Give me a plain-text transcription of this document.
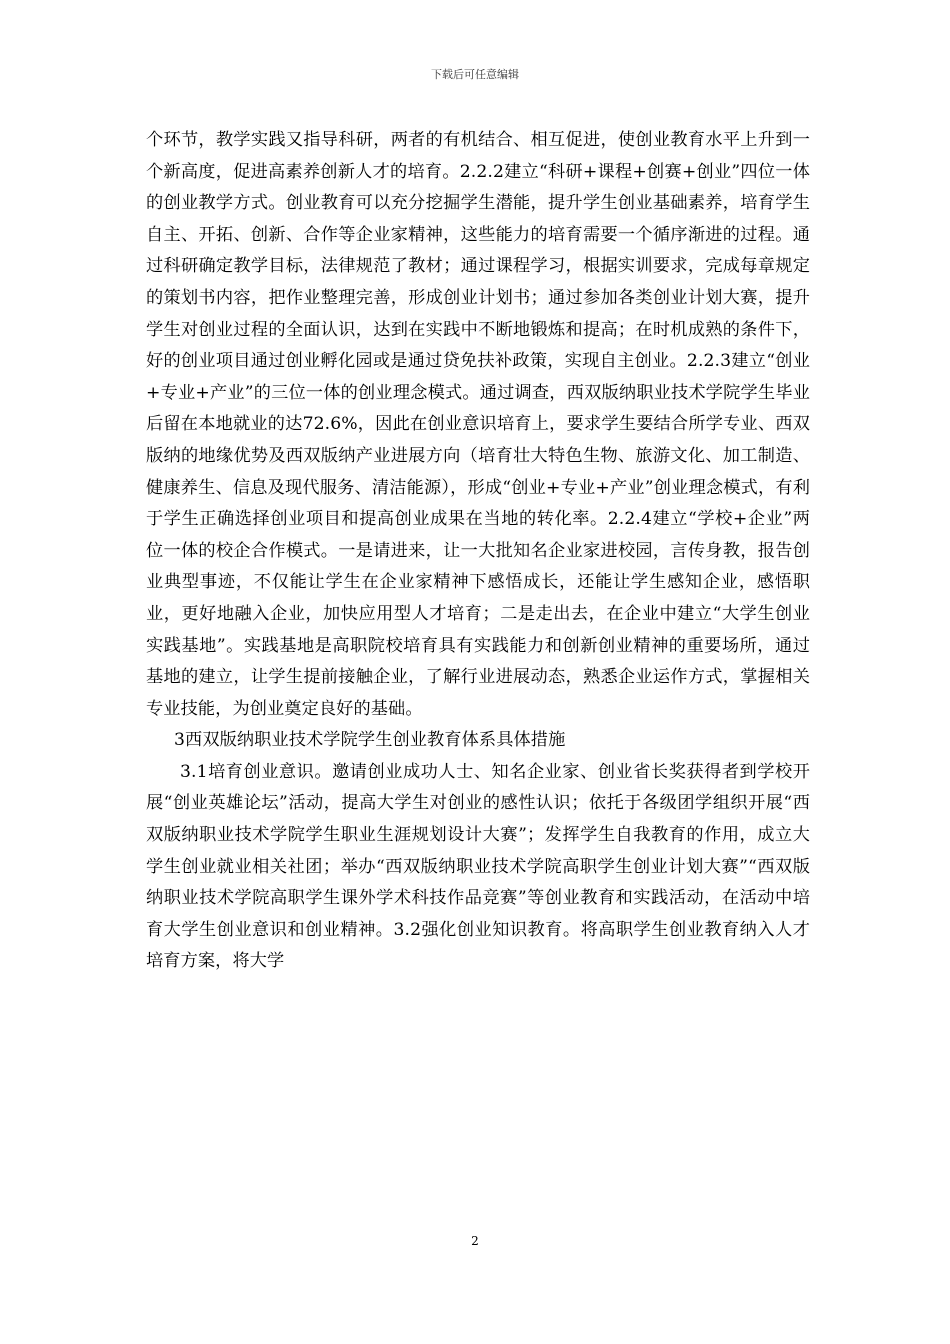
下载后可任意编辑

个环节，教学实践又指导科研，两者的有机结合、相互促进，使创业教育水平上升到一个新高度，促进高素养创新人才的培育。2.2.2建立“科研+课程+创赛+创业”四位一体的创业教学方式。创业教育可以充分挖掘学生潜能，提升学生创业基础素养，培育学生自主、开拓、创新、合作等企业家精神，这些能力的培育需要一个循序渐进的过程。通过科研确定教学目标，法律规范了教材；通过课程学习，根据实训要求，完成每章规定的策划书内容，把作业整理完善，形成创业计划书；通过参加各类创业计划大赛，提升学生对创业过程的全面认识，达到在实践中不断地锻炼和提高；在时机成熟的条件下，好的创业项目通过创业孵化园或是通过贷免扶补政策，实现自主创业。2.2.3建立“创业+专业+产业”的三位一体的创业理念模式。通过调查，西双版纳职业技术学院学生毕业后留在本地就业的达72.6%，因此在创业意识培育上，要求学生要结合所学专业、西双版纳的地缘优势及西双版纳产业进展方向（培育壮大特色生物、旅游文化、加工制造、健康养生、信息及现代服务、清洁能源），形成“创业+专业+产业”创业理念模式，有利于学生正确选择创业项目和提高创业成果在当地的转化率。2.2.4建立“学校+企业”两位一体的校企合作模式。一是请进来，让一大批知名企业家进校园，言传身教，报告创业典型事迹，不仅能让学生在企业家精神下感悟成长，还能让学生感知企业，感悟职业，更好地融入企业，加快应用型人才培育；二是走出去，在企业中建立“大学生创业实践基地”。实践基地是高职院校培育具有实践能力和创新创业精神的重要场所，通过基地的建立，让学生提前接触企业，了解行业进展动态，熟悉企业运作方式，掌握相关专业技能，为创业奠定良好的基础。

3西双版纳职业技术学院学生创业教育体系具体措施

3.1培育创业意识。邀请创业成功人士、知名企业家、创业省长奖获得者到学校开展“创业英雄论坛”活动，提高大学生对创业的感性认识；依托于各级团学组织开展“西双版纳职业技术学院学生职业生涯规划设计大赛”；发挥学生自我教育的作用，成立大学生创业就业相关社团；举办“西双版纳职业技术学院高职学生创业计划大赛”“西双版纳职业技术学院高职学生课外学术科技作品竞赛”等创业教育和实践活动，在活动中培育大学生创业意识和创业精神。3.2强化创业知识教育。将高职学生创业教育纳入人才培育方案，将大学

2
